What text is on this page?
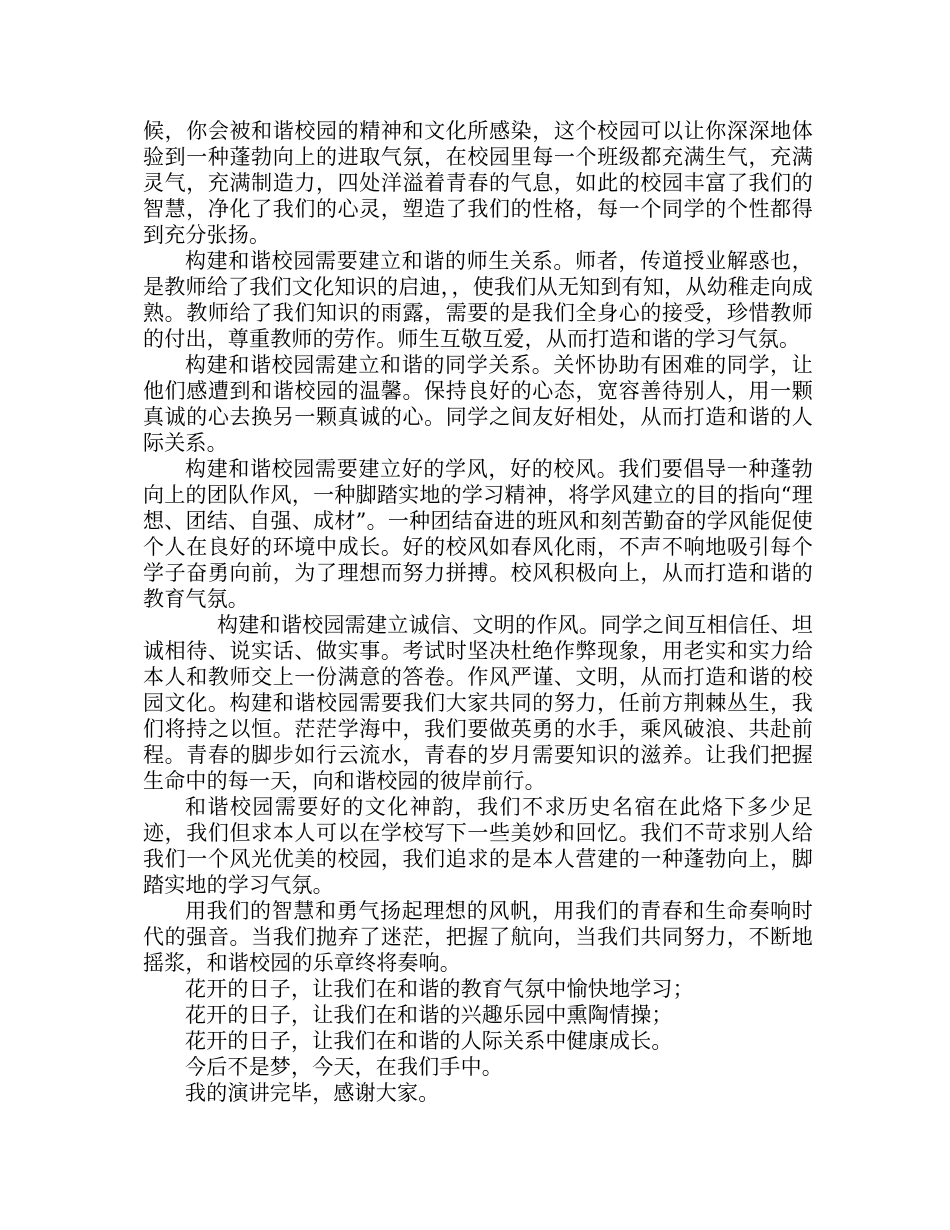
候，你会被和谐校园的精神和文化所感染，这个校园可以让你深深地体验到一种蓬勃向上的进取气氛，在校园里每一个班级都充满生气，充满灵气，充满制造力，四处洋溢着青春的气息，如此的校园丰富了我们的智慧，净化了我们的心灵，塑造了我们的性格，每一个同学的个性都得到充分张扬。

构建和谐校园需要建立和谐的师生关系。师者，传道授业解惑也，是教师给了我们文化知识的启迪，，使我们从无知到有知，从幼稚走向成熟。教师给了我们知识的雨露，需要的是我们全身心的接受，珍惜教师的付出，尊重教师的劳作。师生互敬互爱，从而打造和谐的学习气氛。

构建和谐校园需建立和谐的同学关系。关怀协助有困难的同学，让他们感遭到和谐校园的温馨。保持良好的心态，宽容善待别人，用一颗真诚的心去换另一颗真诚的心。同学之间友好相处，从而打造和谐的人际关系。

构建和谐校园需要建立好的学风，好的校风。我们要倡导一种蓬勃向上的团队作风，一种脚踏实地的学习精神，将学风建立的目的指向“理想、团结、自强、成材”。一种团结奋进的班风和刻苦勤奋的学风能促使个人在良好的环境中成长。好的校风如春风化雨，不声不响地吸引每个学子奋勇向前，为了理想而努力拼搏。校风积极向上，从而打造和谐的教育气氛。

构建和谐校园需建立诚信、文明的作风。同学之间互相信任、坦诚相待、说实话、做实事。考试时坚决杜绝作弊现象，用老实和实力给本人和教师交上一份满意的答卷。作风严谨、文明，从而打造和谐的校园文化。构建和谐校园需要我们大家共同的努力，任前方荆棘丛生，我们将持之以恒。茫茫学海中，我们要做英勇的水手，乘风破浪、共赴前程。青春的脚步如行云流水，青春的岁月需要知识的滋养。让我们把握生命中的每一天，向和谐校园的彼岸前行。

和谐校园需要好的文化神韵，我们不求历史名宿在此烙下多少足迹，我们但求本人可以在学校写下一些美妙和回忆。我们不苛求别人给我们一个风光优美的校园，我们追求的是本人营建的一种蓬勃向上，脚踏实地的学习气氛。

用我们的智慧和勇气扬起理想的风帆，用我们的青春和生命奏响时代的强音。当我们抛弃了迷茫，把握了航向，当我们共同努力，不断地摇浆，和谐校园的乐章终将奏响。

花开的日子，让我们在和谐的教育气氛中愉快地学习；

花开的日子，让我们在和谐的兴趣乐园中熏陶情操；

花开的日子，让我们在和谐的人际关系中健康成长。

今后不是梦，今天，在我们手中。

我的演讲完毕，感谢大家。
